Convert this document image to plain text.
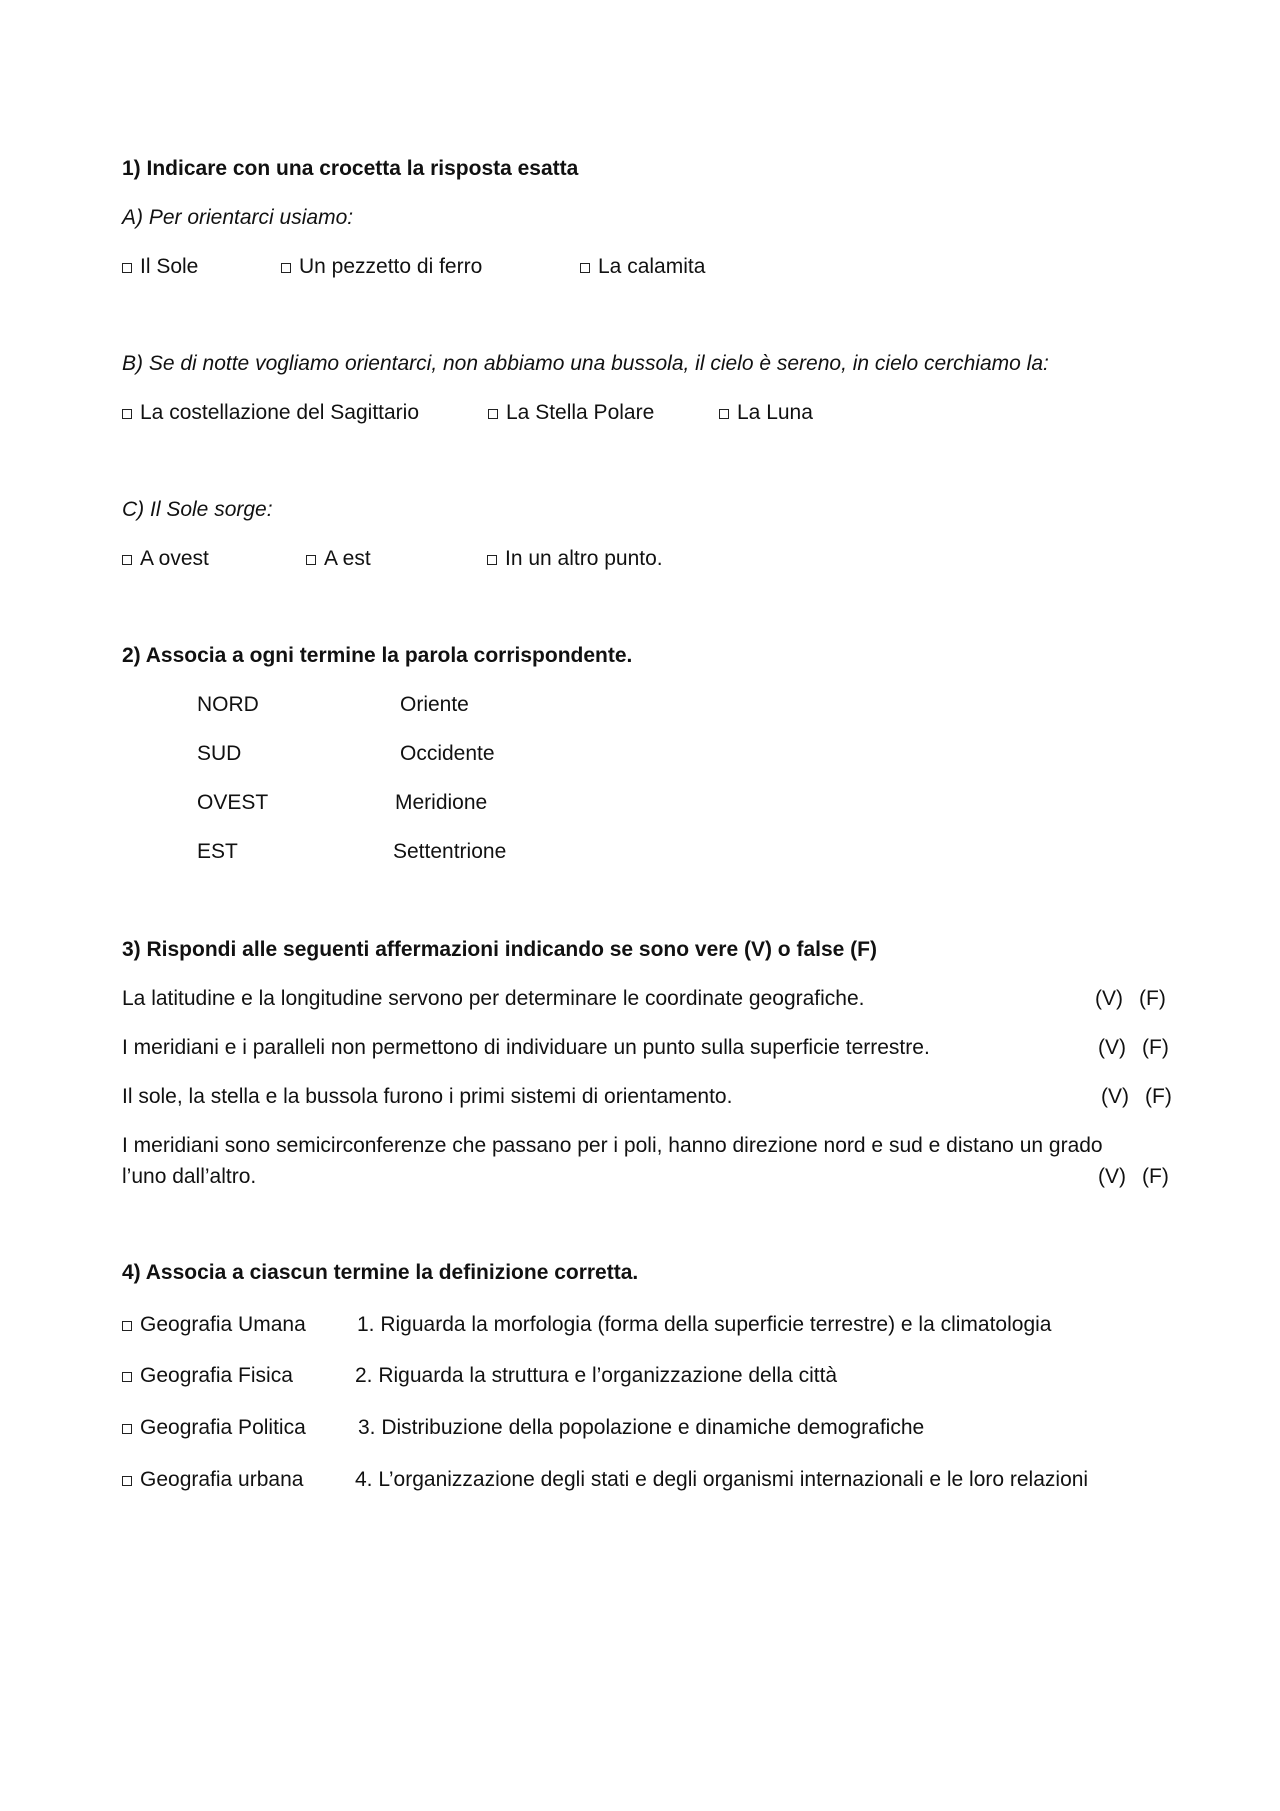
1) Indicare con una crocetta la risposta esatta
A) Per orientarci usiamo:
Il Sole	Un pezzetto di ferro	La calamita
B) Se di notte vogliamo orientarci, non abbiamo una bussola, il cielo è sereno, in cielo cerchiamo la:
La costellazione del Sagittario	La Stella Polare	La Luna
C) Il Sole sorge:
A ovest	A est	In un altro punto.
2) Associa a ogni termine la parola corrispondente.
NORD	Oriente
SUD	Occidente
OVEST	Meridione
EST	Settentrione
3) Rispondi alle seguenti affermazioni indicando se sono vere (V) o false (F)
La latitudine e la longitudine servono per determinare le coordinate geografiche.	(V) (F)
I meridiani e i paralleli non permettono di individuare un punto sulla superficie terrestre.	(V) (F)
Il sole, la stella e la bussola furono i primi sistemi di orientamento.	(V) (F)
I meridiani sono semicirconferenze che passano per i poli, hanno direzione nord e sud e distano un grado
l’uno dall’altro.	(V) (F)
4) Associa a ciascun termine la definizione corretta.
Geografia Umana 1. Riguarda la morfologia (forma della superficie terrestre) e la climatologia
Geografia Fisica	2. Riguarda la struttura e l’organizzazione della città
Geografia Politica 3. Distribuzione della popolazione e dinamiche demografiche
Geografia urbana 4. L’organizzazione degli stati e degli organismi internazionali e le loro relazioni
